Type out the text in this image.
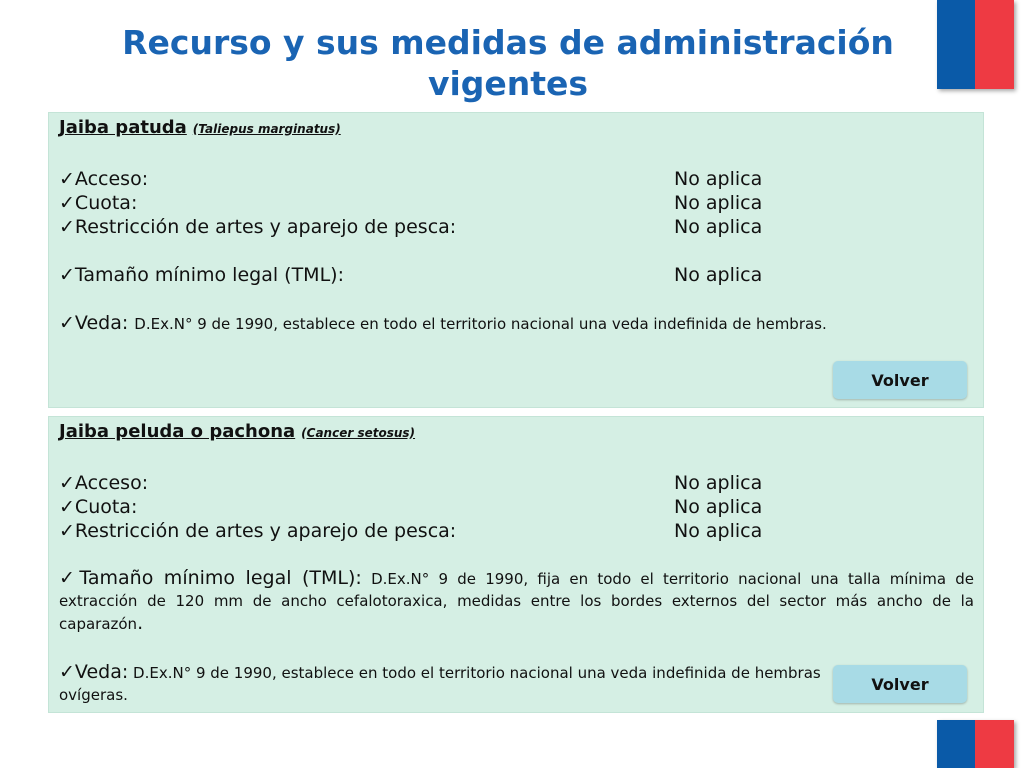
Recurso y sus medidas de administración vigentes
Jaiba patuda (Taliepus marginatus)
✓Acceso:	No aplica
✓Cuota:	No aplica
✓Restricción de artes y aparejo de pesca:	No aplica
✓Tamaño mínimo legal (TML):	No aplica
✓Veda: D.Ex.N° 9 de 1990, establece en todo el territorio nacional una veda indefinida de hembras.
Volver
Jaiba peluda o pachona (Cancer setosus)
✓Acceso:	No aplica
✓Cuota:	No aplica
✓Restricción de artes y aparejo de pesca:	No aplica
✓Tamaño mínimo legal (TML): D.Ex.N° 9 de 1990, fija en todo el territorio nacional una talla mínima de extracción de 120 mm de ancho cefalotoraxica, medidas entre los bordes externos del sector más ancho de la caparazón.
✓Veda: D.Ex.N° 9 de 1990, establece en todo el territorio nacional una veda indefinida de hembras ovígeras.
Volver
